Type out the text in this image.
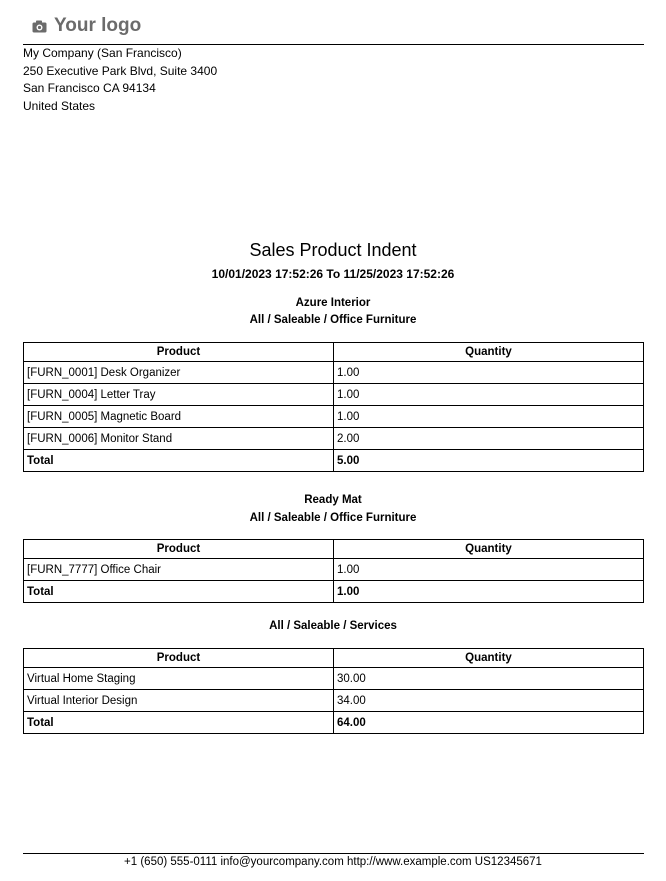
Your logo
My Company (San Francisco)
250 Executive Park Blvd, Suite 3400
San Francisco CA 94134
United States
Sales Product Indent
10/01/2023 17:52:26 To 11/25/2023 17:52:26
Azure Interior
All / Saleable / Office Furniture
Product	Quantity
[FURN_0001] Desk Organizer	1.00
[FURN_0004] Letter Tray	1.00
[FURN_0005] Magnetic Board	1.00
[FURN_0006] Monitor Stand	2.00
Total	5.00
Ready Mat
All / Saleable / Office Furniture
Product	Quantity
[FURN_7777] Office Chair	1.00
Total	1.00
All / Saleable / Services
Product	Quantity
Virtual Home Staging	30.00
Virtual Interior Design	34.00
Total	64.00
+1 (650) 555-0111 info@yourcompany.com http://www.example.com US12345671
